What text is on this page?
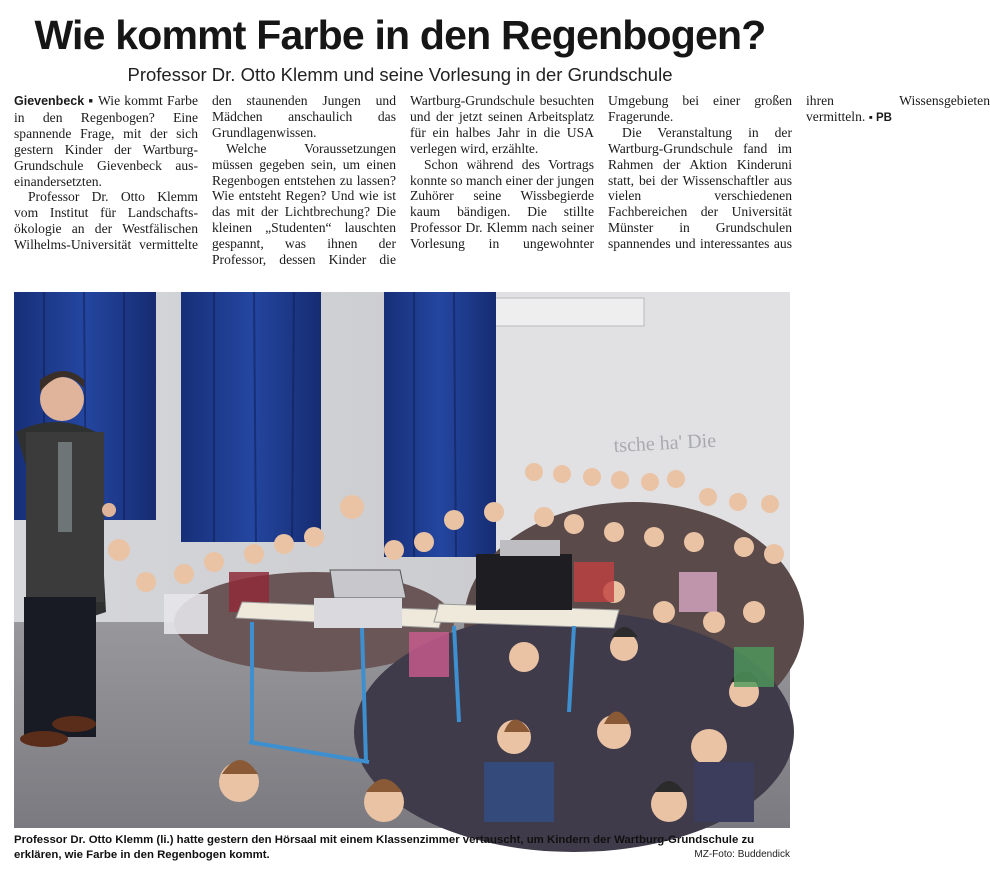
Wie kommt Farbe in den Regenbogen?
Professor Dr. Otto Klemm und seine Vorlesung in der Grundschule

Gievenbeck ▪ Wie kommt Farbe in den Regenbogen? Eine spannende Frage, mit der sich gestern Kinder der Wartburg-Grundschule Gievenbeck auseinandersetzten.

Professor Dr. Otto Klemm vom Institut für Landschaftsökologie an der Westfälischen Wilhelms-Universität vermittelte den staunenden Jungen und Mädchen anschaulich das Grundlagenwissen.

Welche Voraussetzungen müssen gegeben sein, um einen Regenbogen entstehen zu lassen? Wie entsteht Regen? Und wie ist das mit der Lichtbrechung? Die kleinen „Studenten“ lauschten gespannt, was ihnen der Professor, dessen Kinder die Wartburg-Grundschule besuchten und der jetzt seinen Arbeitsplatz für ein halbes Jahr in die USA verlegen wird, erzählte.

Schon während des Vortrags konnte so manch einer der jungen Zuhörer seine Wissbegierde kaum bändigen. Die stillte Professor Dr. Klemm nach seiner Vorlesung in ungewohnter Umgebung bei einer großen Fragerunde.

Die Veranstaltung in der Wartburg-Grundschule fand im Rahmen der Aktion Kinderuni statt, bei der Wissenschaftler aus vielen verschiedenen Fachbereichen der Universität Münster in Grundschulen spannendes und interessantes aus ihren Wissensgebieten vermitteln. ▪ PB

tsche ha' Die
Professor Dr. Otto Klemm (li.) hatte gestern den Hörsaal mit einem Klassenzimmer vertauscht, um Kindern der Wartburg-Grundschule zu erklären, wie Farbe in den Regenbogen kommt.	MZ-Foto: Buddendick
